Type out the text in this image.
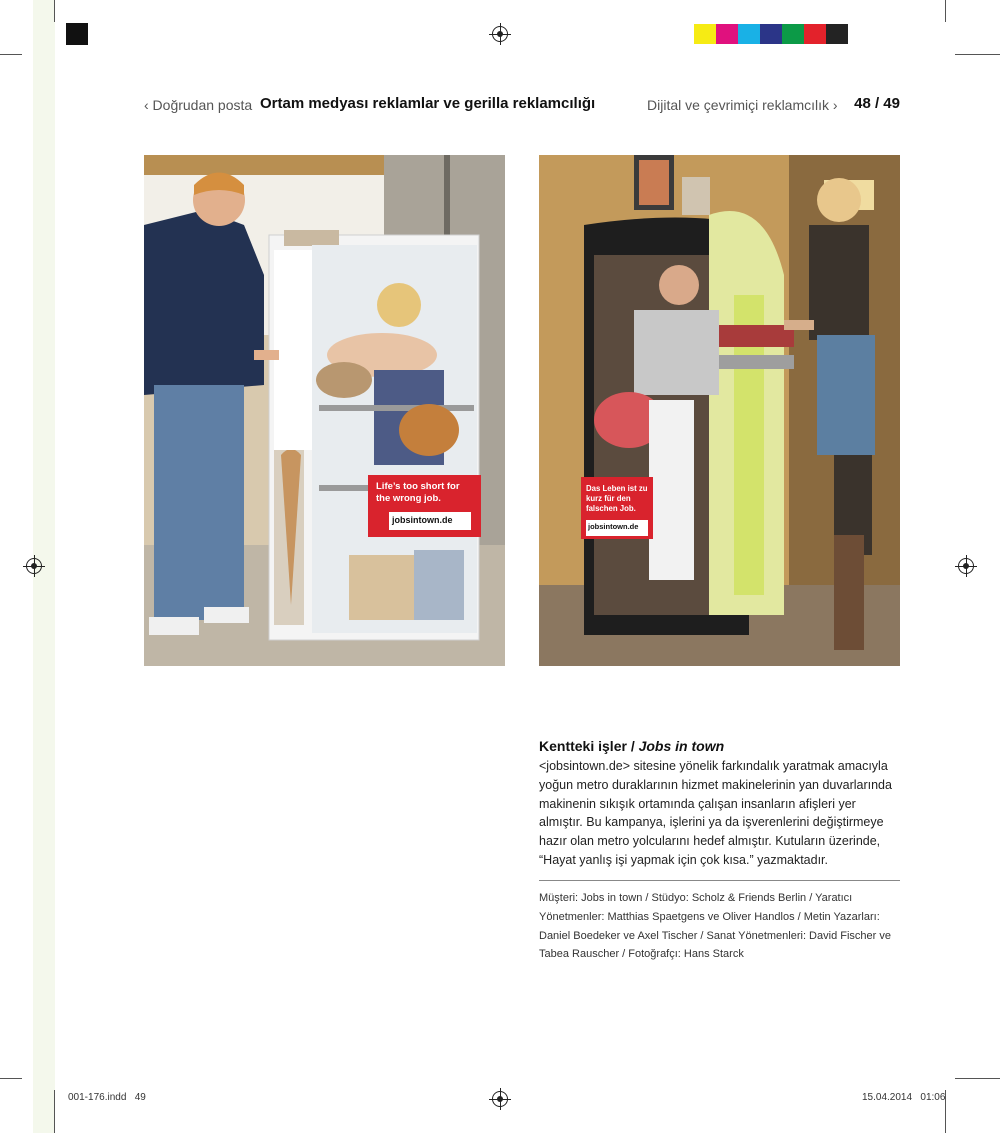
‹ Doğrudan posta Ortam medyası reklamlar ve gerilla reklamcılığı	Dijital ve çevrimiçi reklamcılık › 48 / 49
Life’s too short for the wrong job.
jobsintown.de
Das Leben ist zu kurz für den falschen Job.
jobsintown.de
Kentteki işler / Jobs in town
<jobsintown.de> sitesine yönelik farkındalık yaratmak amacıyla yoğun metro duraklarının hizmet makinelerinin yan duvarlarında makinenin sıkışık ortamında çalışan insanların afişleri yer almıştır. Bu kampanya, işlerini ya da işverenlerini değiştirmeye hazır olan metro yolcularını hedef almıştır. Kutuların üzerinde, “Hayat yanlış işi yapmak için çok kısa.” yazmaktadır.
Müşteri: Jobs in town / Stüdyo: Scholz & Friends Berlin / Yaratıcı Yönetmenler: Matthias Spaetgens ve Oliver Handlos / Metin Yazarları: Daniel Boedeker ve Axel Tischer / Sanat Yönetmenleri: David Fischer ve Tabea Rauscher / Fotoğrafçı: Hans Starck
001-176.indd   49	15.04.2014   01:06
